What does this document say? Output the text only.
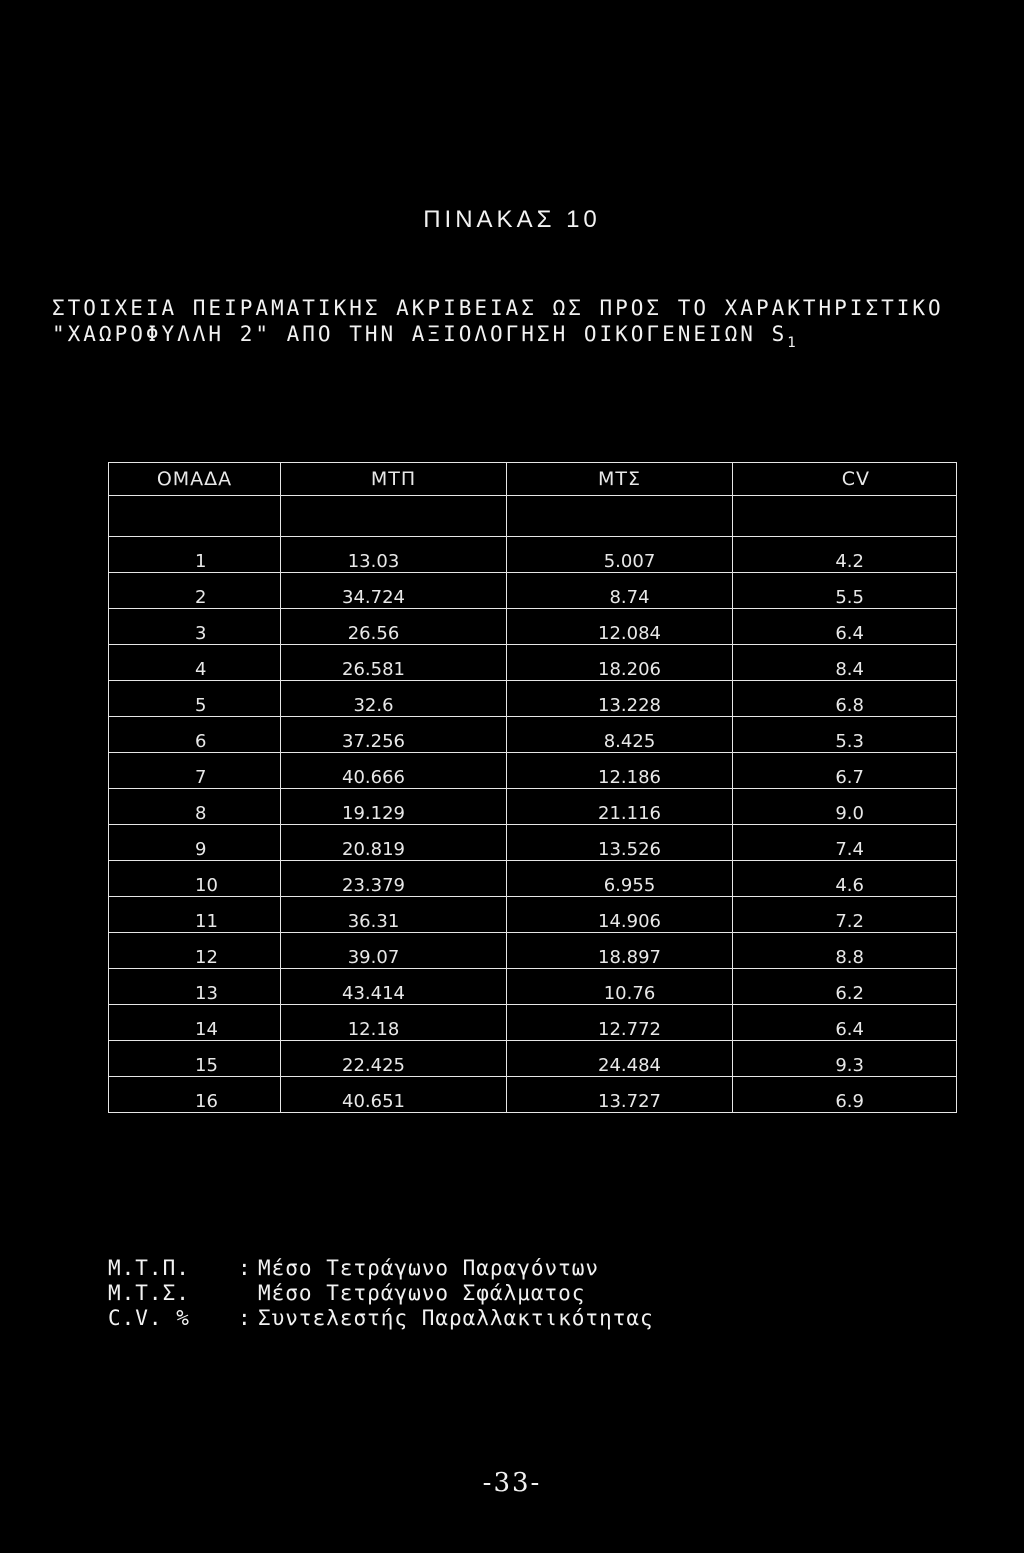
ΠΙΝΑΚΑΣ 10
ΣΤΟΙΧΕΙΑ ΠΕΙΡΑΜΑΤΙΚΗΣ ΑΚΡΙΒΕΙΑΣ ΩΣ ΠΡΟΣ ΤΟ ΧΑΡΑΚΤΗΡΙΣΤΙΚΟ
"ΧΑΩΡΟΦΥΛΛΗ 2" ΑΠΟ ΤΗΝ ΑΞΙΟΛΟΓΗΣΗ ΟΙΚΟΓΕΝΕΙΩΝ $S_1$
ΟΜΑΔΑ	ΜΤΠ	ΜΤΣ	CV

1	13.03	5.007	4.2
2	34.724	8.74	5.5
3	26.56	12.084	6.4
4	26.581	18.206	8.4
5	32.6	13.228	6.8
6	37.256	8.425	5.3
7	40.666	12.186	6.7
8	19.129	21.116	9.0
9	20.819	13.526	7.4
10	23.379	6.955	4.6
11	36.31	14.906	7.2
12	39.07	18.897	8.8
13	43.414	10.76	6.2
14	12.18	12.772	6.4
15	22.425	24.484	9.3
16	40.651	13.727	6.9
Μ.Τ.Π. : Μέσο Τετράγωνο Παραγόντων
Μ.Τ.Σ.	Μέσο Τετράγωνο Σφάλματος
C.V. % : Συντελεστής Παραλλακτικότητας
-33-
